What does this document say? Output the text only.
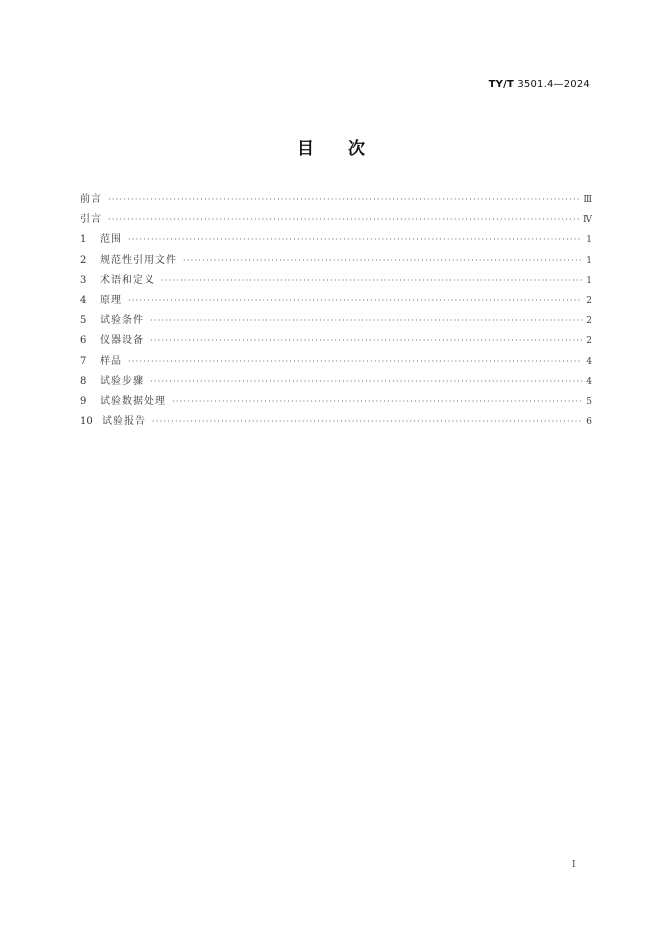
TY/T 3501.4—2024
目次
前言 ·····	Ⅲ
引言 ·····	Ⅳ
1	范围 ·····	1
2	规范性引用文件 ·····	1
3	术语和定义 ·····	1
4	原理 ·····	2
5	试验条件 ·····	2
6	仪器设备 ·····	2
7	样品 ·····	4
8	试验步骤 ·····	4
9	试验数据处理 ·····	5
10 试验报告 ·····	6
I
